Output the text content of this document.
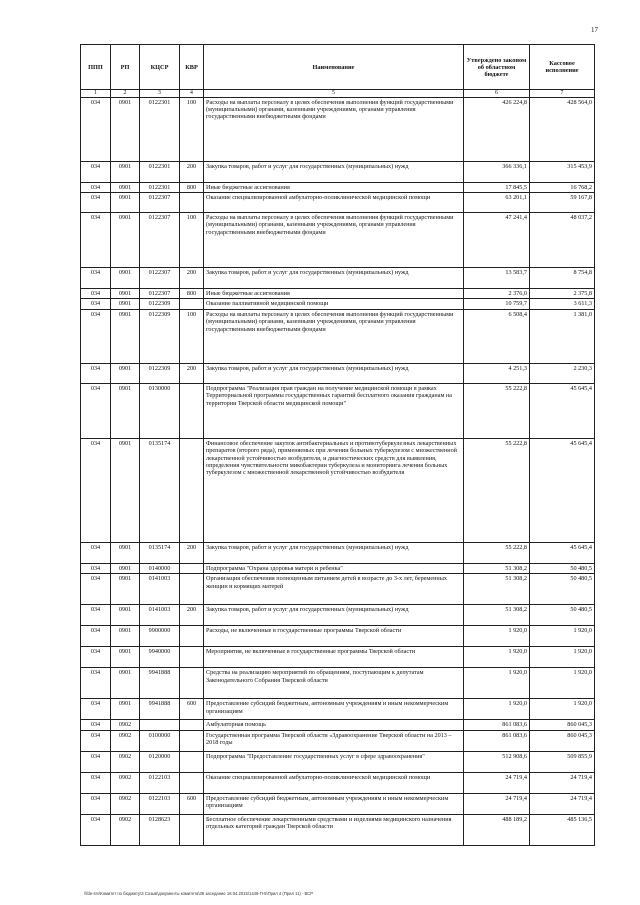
17
ППП	РП	КЦСР	КВР	Наименование	Утверждено законом об областном бюджете	Кассовое исполнение
1	2	3	4	5	6	7
034	0901	0122301	100	Расходы на выплаты персоналу в целях обеспечения выполнения функций государственными (муниципальными) органами, казенными учреждениями, органами управления государственными внебюджетными фондами	426 224,8	428 564,0
034	0901	0122301	200	Закупка товаров, работ и услуг для государственных (муниципальных) нужд	366 336,1	315 453,9
034	0901	0122301	800	Иные бюджетные ассигнования	17 845,5	16 768,2
034	0901	0122307		Оказание специализированной амбулаторно-поликлинической медицинской помощи	63 201,1	59 167,8
034	0901	0122307	100	Расходы на выплаты персоналу в целях обеспечения выполнения функций государственными (муниципальными) органами, казенными учреждениями, органами управления государственными внебюджетными фондами	47 241,4	48 037,2
034	0901	0122307	200	Закупка товаров, работ и услуг для государственных (муниципальных) нужд	13 583,7	8 754,8
034	0901	0122307	800	Иные бюджетные ассигнования	2 376,0	2 375,8
034	0901	0122309		Оказание паллиативной медицинской помощи	10 759,7	3 611,3
034	0901	0122309	100	Расходы на выплаты персоналу в целях обеспечения выполнения функций государственными (муниципальными) органами, казенными учреждениями, органами управления государственными внебюджетными фондами	6 508,4	1 381,0
034	0901	0122309	200	Закупка товаров, работ и услуг для государственных (муниципальных) нужд	4 251,3	2 230,3
034	0901	0130000		Подпрограмма "Реализация прав граждан на получение медицинской помощи в рамках Территориальной программы государственных гарантий бесплатного оказания гражданам на территории Тверской области медицинской помощи"	55 222,8	45 645,4
034	0901	0135174		Финансовое обеспечение закупок антибактериальных и противотуберкулезных лекарственных препаратов (второго ряда), применяемых при лечении больных туберкулезом с множественной лекарственной устойчивостью возбудителя, и диагностических средств для выявления, определения чувствительности микобактерии туберкулеза и мониторинга лечения больных туберкулезом с множественной лекарственной устойчивостью возбудителя	55 222,8	45 645,4
034	0901	0135174	200	Закупка товаров, работ и услуг для государственных (муниципальных) нужд	55 222,8	45 645,4
034	0901	0140000		Подпрограмма "Охрана здоровья матери и ребенка"	51 308,2	50 480,5
034	0901	0141003		Организация обеспечения полноценным питанием детей в возрасте до 3-х лет, беременных женщин и кормящих матерей	51 308,2	50 480,5
034	0901	0141003	200	Закупка товаров, работ и услуг для государственных (муниципальных) нужд	51 308,2	50 480,5
034	0901	9900000		Расходы, не включенные в государственные программы Тверской области	1 920,0	1 920,0
034	0901	9940000		Мероприятия, не включенные в государственные программы Тверской области	1 920,0	1 920,0
034	0901	9941888		Средства на реализацию мероприятий по обращениям, поступающим к депутатам Законодательного Собрания Тверской области	1 920,0	1 920,0
034	0901	9941888	600	Предоставление субсидий бюджетным, автономным учреждениям и иным некоммерческим организациям	1 920,0	1 920,0
034	0902			Амбулаторная помощь	861 083,6	860 045,3
034	0902	0100000		Государственная программа Тверской области «Здравоохранение Тверской области на 2013 – 2018 годы	861 083,6	860 045,3
034	0902	0120000		Подпрограмма "Предоставление государственных услуг в сфере здравоохранения"	512 908,6	509 855,9
034	0902	0122103		Оказание специализированной амбулаторно-поликлинической медицинской помощи	24 719,4	24 719,4
034	0902	0122103	600	Предоставление субсидий бюджетным, автономным учреждениям и иным некоммерческим организациям	24 719,4	24 719,4
034	0902	0128623		Бесплатное обеспечение лекарственными средствами и изделиями медицинского назначения отдельных категорий граждан Тверской области	488 189,2	485 136,5
\\fde-srv\Комитет по бюджету\3 Созыв\документы комитета\36 заседание 16.04.2015\1446-П-5\Прил 4 (Прил 11) - ВСР
